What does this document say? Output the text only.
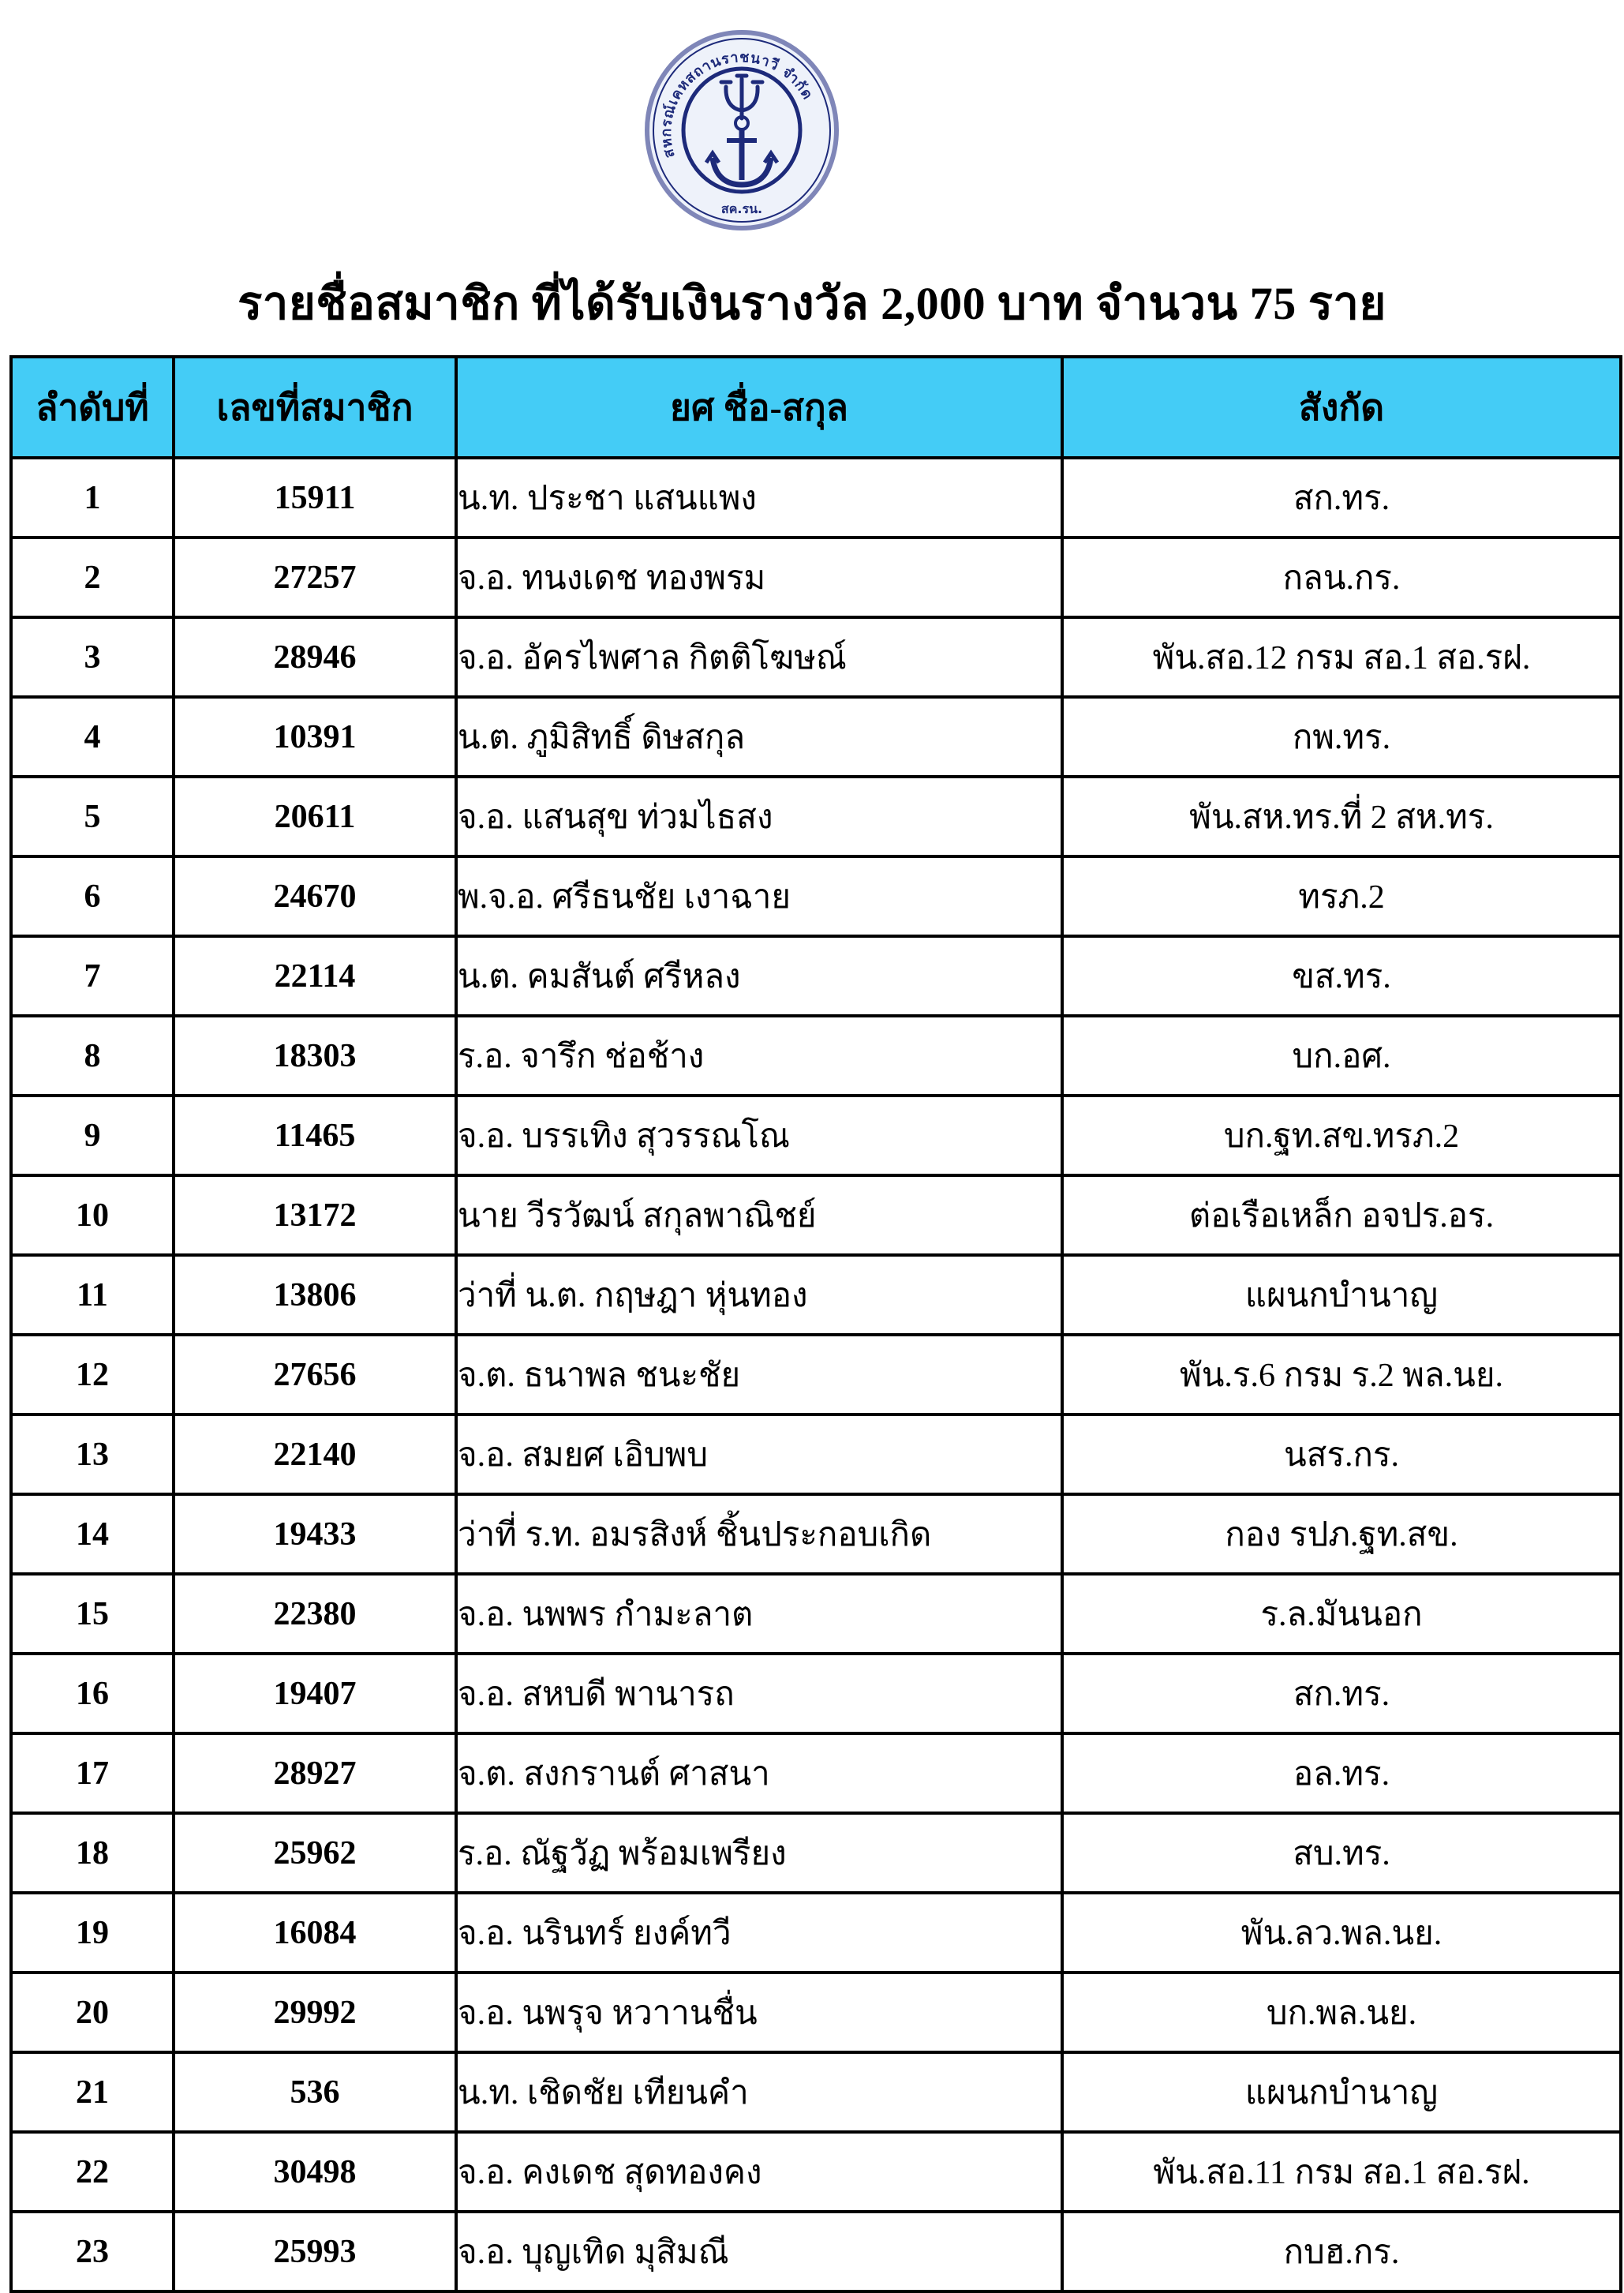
สหกรณ์เคหสถานราชนาวี จำกัด
สค.รน.
รายชื่อสมาชิก ที่ได้รับเงินรางวัล 2,000 บาท จำนวน 75 ราย
ลำดับที่	เลขที่สมาชิก	ยศ ชื่อ-สกุล	สังกัด
1	15911	น.ท. ประชา แสนแพง	สก.ทร.
2	27257	จ.อ. ทนงเดช ทองพรม	กลน.กร.
3	28946	จ.อ. อัครไพศาล กิตติโฆษณ์	พัน.สอ.12 กรม สอ.1 สอ.รฝ.
4	10391	น.ต. ภูมิสิทธิ์ ดิษสกุล	กพ.ทร.
5	20611	จ.อ. แสนสุข ท่วมไธสง	พัน.สห.ทร.ที่ 2 สห.ทร.
6	24670	พ.จ.อ. ศรีธนชัย เงาฉาย	ทรภ.2
7	22114	น.ต. คมสันต์ ศรีหลง	ขส.ทร.
8	18303	ร.อ. จารึก ช่อช้าง	บก.อศ.
9	11465	จ.อ. บรรเทิง สุวรรณโณ	บก.ฐท.สข.ทรภ.2
10	13172	นาย วีรวัฒน์ สกุลพาณิชย์	ต่อเรือเหล็ก อจปร.อร.
11	13806	ว่าที่ น.ต. กฤษฎา หุ่นทอง	แผนกบำนาญ
12	27656	จ.ต. ธนาพล ชนะชัย	พัน.ร.6 กรม ร.2 พล.นย.
13	22140	จ.อ. สมยศ เอิบพบ	นสร.กร.
14	19433	ว่าที่ ร.ท. อมรสิงห์ ชิ้นประกอบเกิด	กอง รปภ.ฐท.สข.
15	22380	จ.อ. นพพร กำมะลาต	ร.ล.มันนอก
16	19407	จ.อ. สหบดี พานารถ	สก.ทร.
17	28927	จ.ต. สงกรานต์ ศาสนา	อล.ทร.
18	25962	ร.อ. ณัฐวัฏ พร้อมเพรียง	สบ.ทร.
19	16084	จ.อ. นรินทร์ ยงค์ทวี	พัน.ลว.พล.นย.
20	29992	จ.อ. นพรุจ หวาานชื่น	บก.พล.นย.
21	536	น.ท. เชิดชัย เทียนคำ	แผนกบำนาญ
22	30498	จ.อ. คงเดช สุดทองคง	พัน.สอ.11 กรม สอ.1 สอ.รฝ.
23	25993	จ.อ. บุญเทิด มุสิมณี	กบฮ.กร.
